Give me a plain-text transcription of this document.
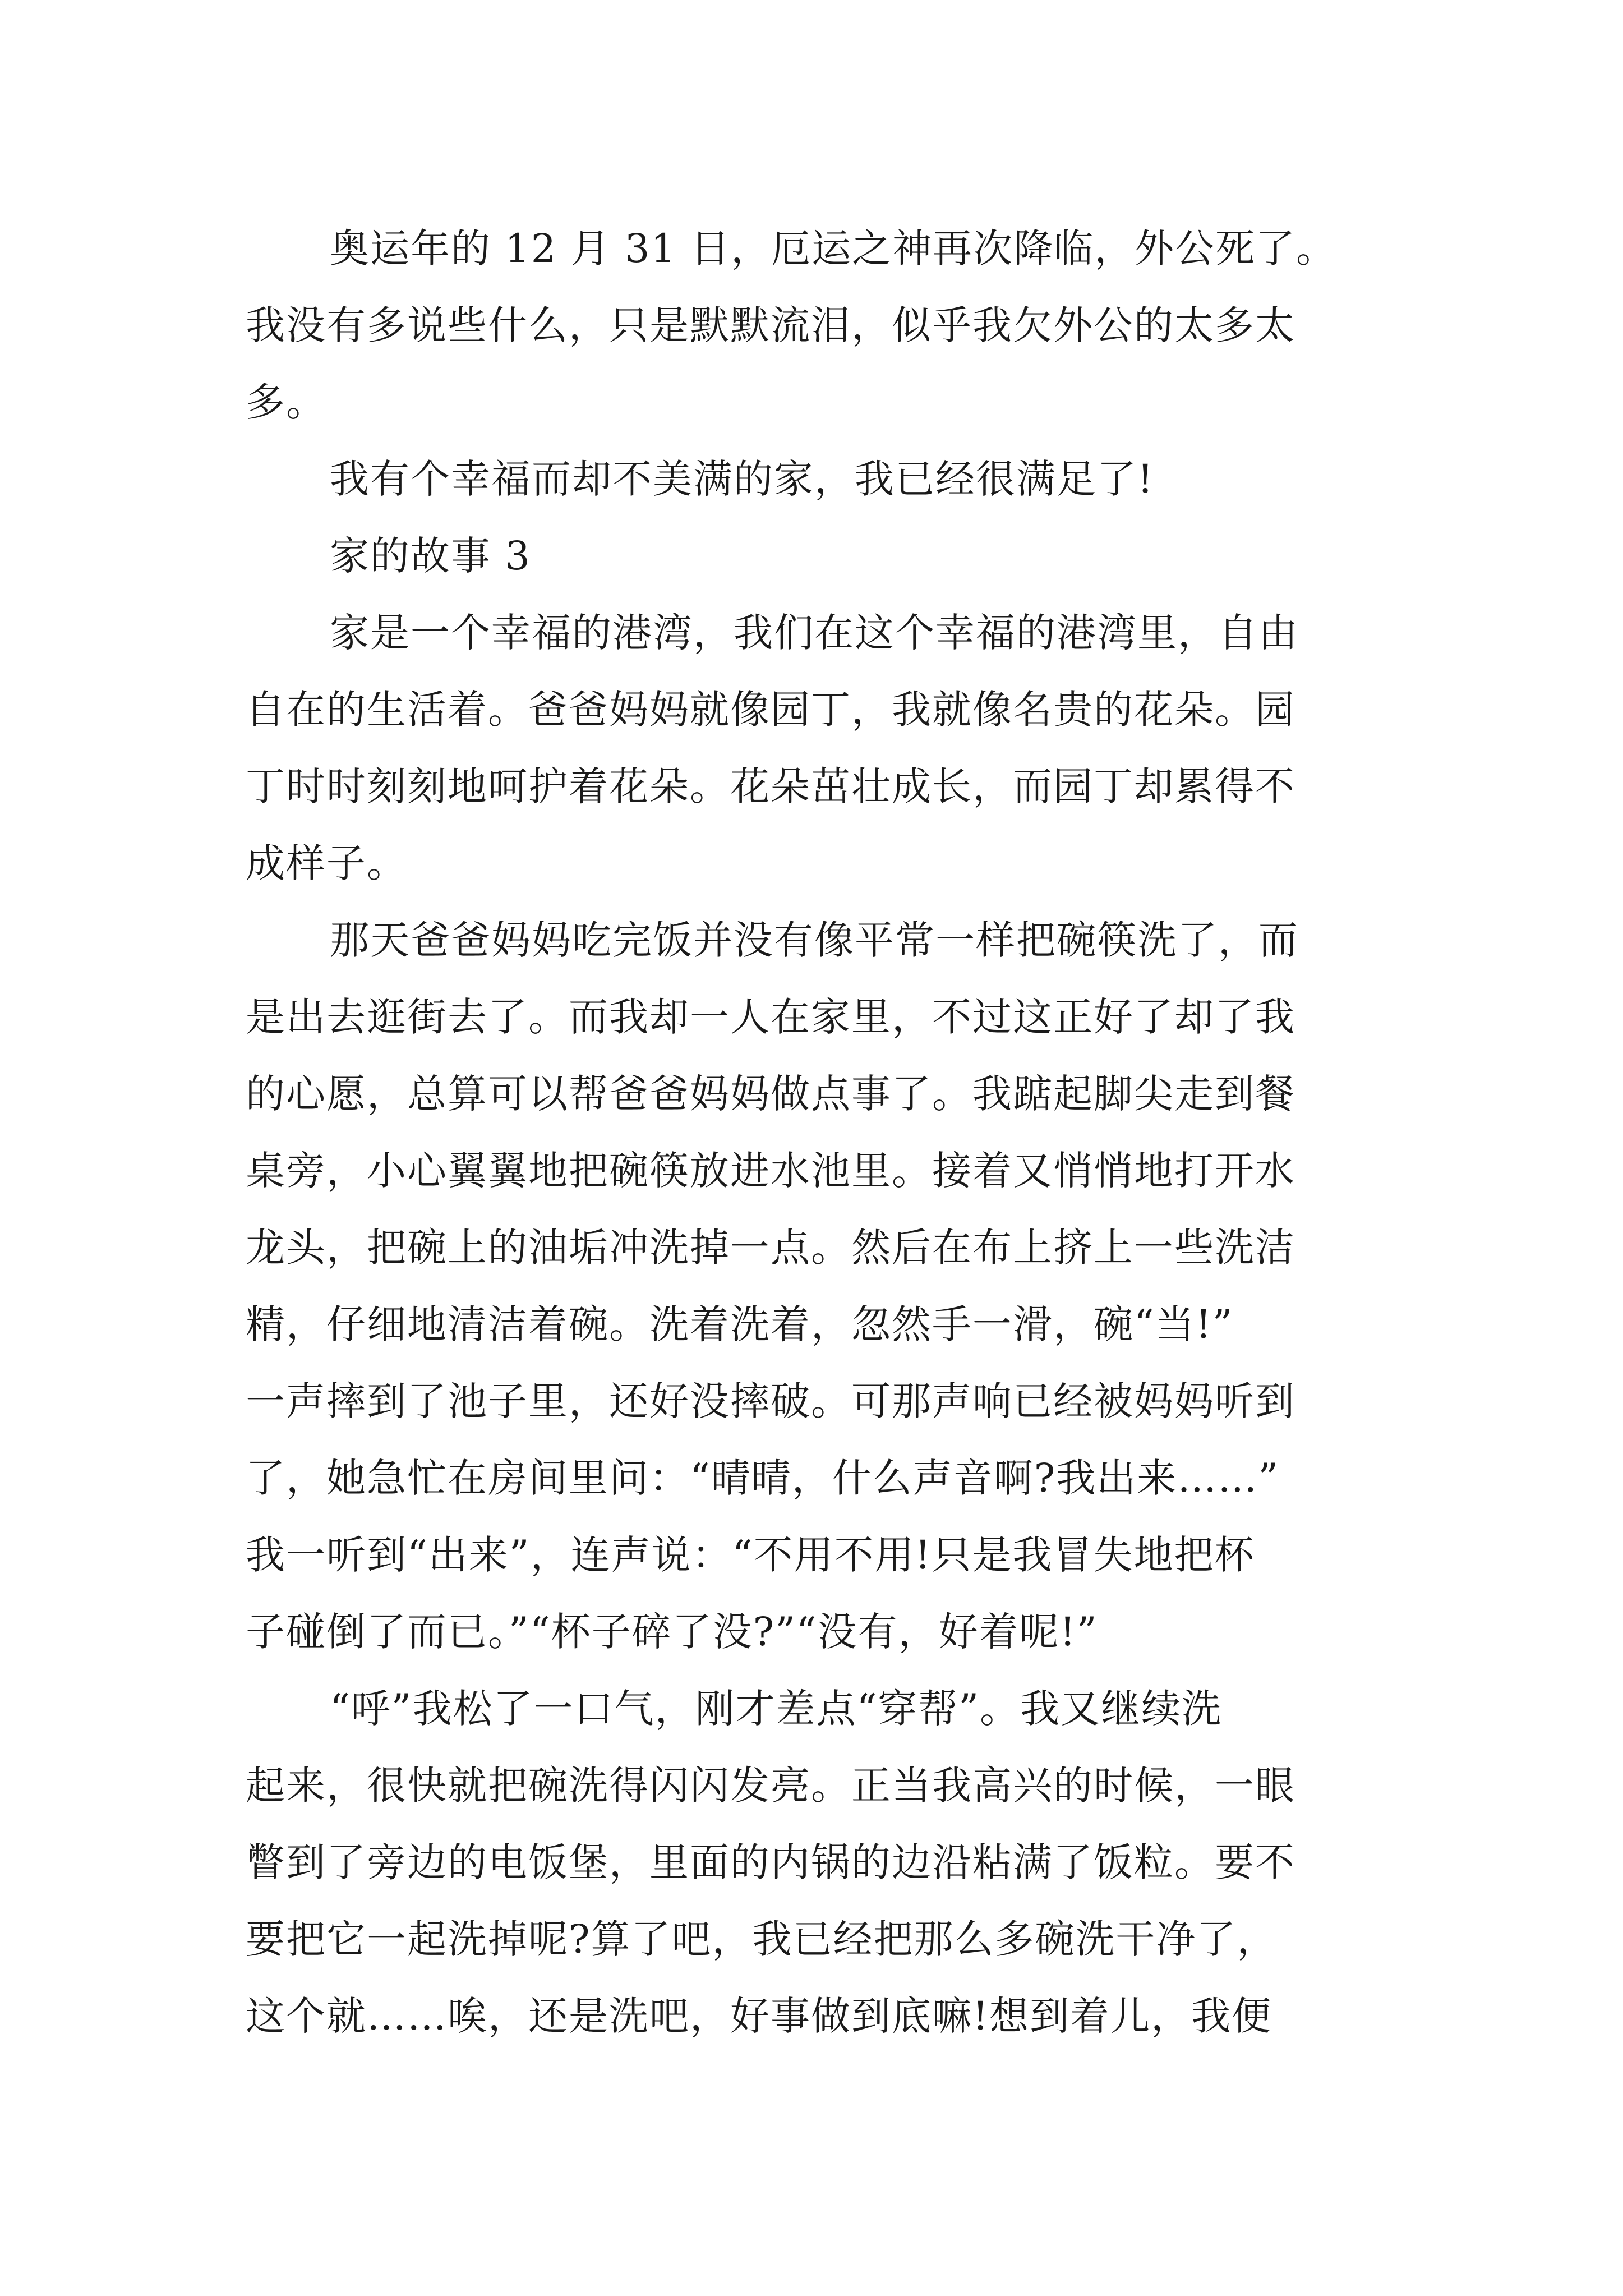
奥运年的 12 月 31 日，厄运之神再次降临，外公死了。
我没有多说些什么，只是默默流泪，似乎我欠外公的太多太
多。
我有个幸福而却不美满的家，我已经很满足了!
家的故事 3
家是一个幸福的港湾，我们在这个幸福的港湾里，自由
自在的生活着。爸爸妈妈就像园丁，我就像名贵的花朵。园
丁时时刻刻地呵护着花朵。花朵茁壮成长，而园丁却累得不
成样子。
那天爸爸妈妈吃完饭并没有像平常一样把碗筷洗了，而
是出去逛街去了。而我却一人在家里，不过这正好了却了我
的心愿，总算可以帮爸爸妈妈做点事了。我踮起脚尖走到餐
桌旁，小心翼翼地把碗筷放进水池里。接着又悄悄地打开水
龙头，把碗上的油垢冲洗掉一点。然后在布上挤上一些洗洁
精，仔细地清洁着碗。洗着洗着，忽然手一滑，碗“当!”
一声摔到了池子里，还好没摔破。可那声响已经被妈妈听到
了，她急忙在房间里问：“晴晴，什么声音啊?我出来……”
我一听到“出来”，连声说：“不用不用!只是我冒失地把杯
子碰倒了而已。”“杯子碎了没?”“没有，好着呢!”
“呼”我松了一口气，刚才差点“穿帮”。我又继续洗
起来，很快就把碗洗得闪闪发亮。正当我高兴的时候，一眼
瞥到了旁边的电饭堡，里面的内锅的边沿粘满了饭粒。要不
要把它一起洗掉呢?算了吧，我已经把那么多碗洗干净了，
这个就……唉，还是洗吧，好事做到底嘛!想到着儿，我便
